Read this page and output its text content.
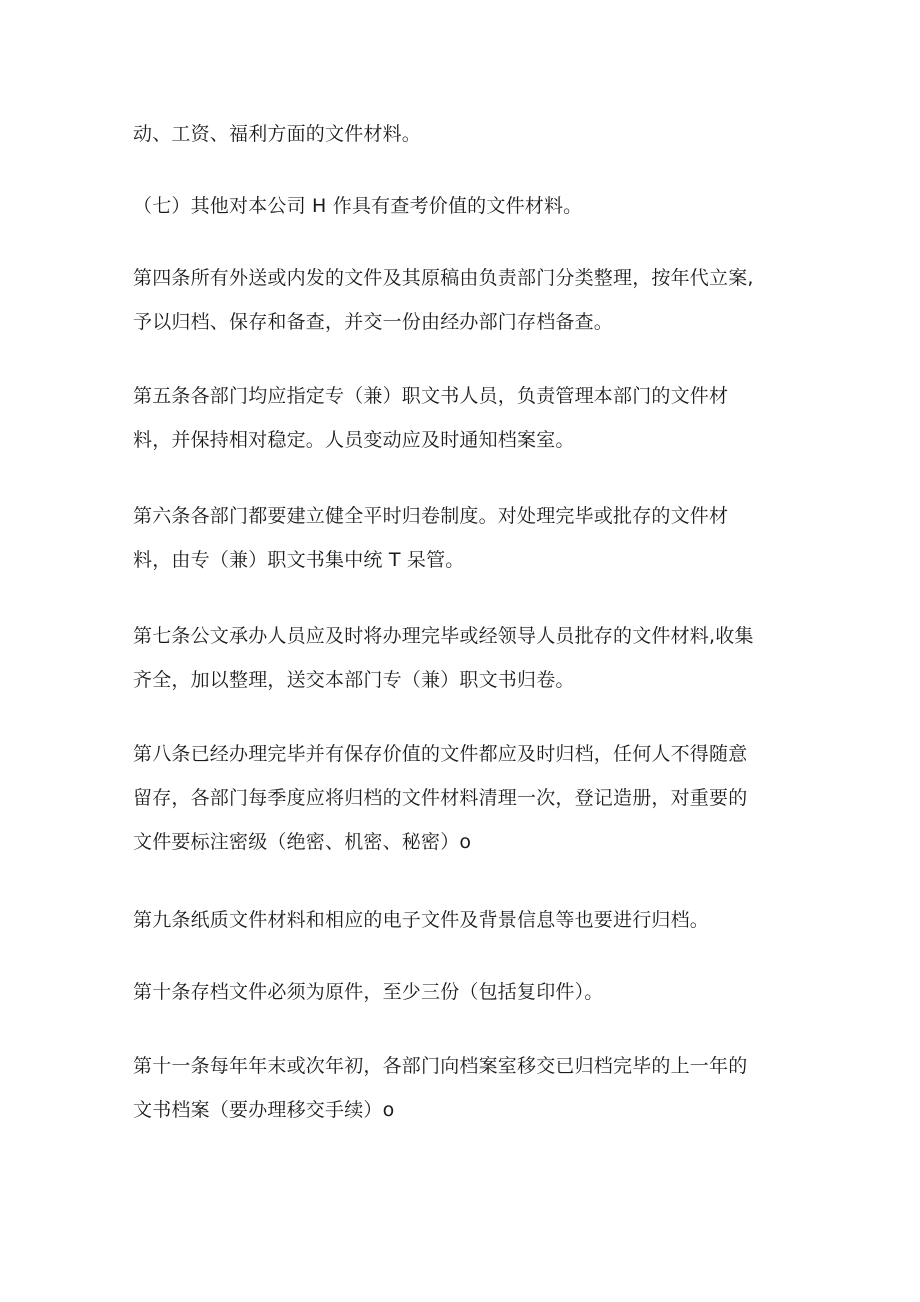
动、工资、福利方面的文件材料。
（七）其他对本公司 H 作具有查考价值的文件材料。
第四条所有外送或内发的文件及其原稿由负责部门分类整理，按年代立案,
予以归档、保存和备查，并交一份由经办部门存档备查。
第五条各部门均应指定专（兼）职文书人员，负责管理本部门的文件材
料，并保持相对稳定。人员变动应及时通知档案室。
第六条各部门都要建立健全平时归卷制度。对处理完毕或批存的文件材
料，由专（兼）职文书集中统 T 呆管。
第七条公文承办人员应及时将办理完毕或经领导人员批存的文件材料,收集
齐全，加以整理，送交本部门专（兼）职文书归卷。
第八条已经办理完毕并有保存价值的文件都应及时归档，任何人不得随意
留存，各部门每季度应将归档的文件材料清理一次，登记造册，对重要的
文件要标注密级（绝密、机密、秘密）o
第九条纸质文件材料和相应的电子文件及背景信息等也要进行归档。
第十条存档文件必须为原件，至少三份（包括复印件）。
第十一条每年年末或次年初，各部门向档案室移交已归档完毕的上一年的
文书档案（要办理移交手续）o
